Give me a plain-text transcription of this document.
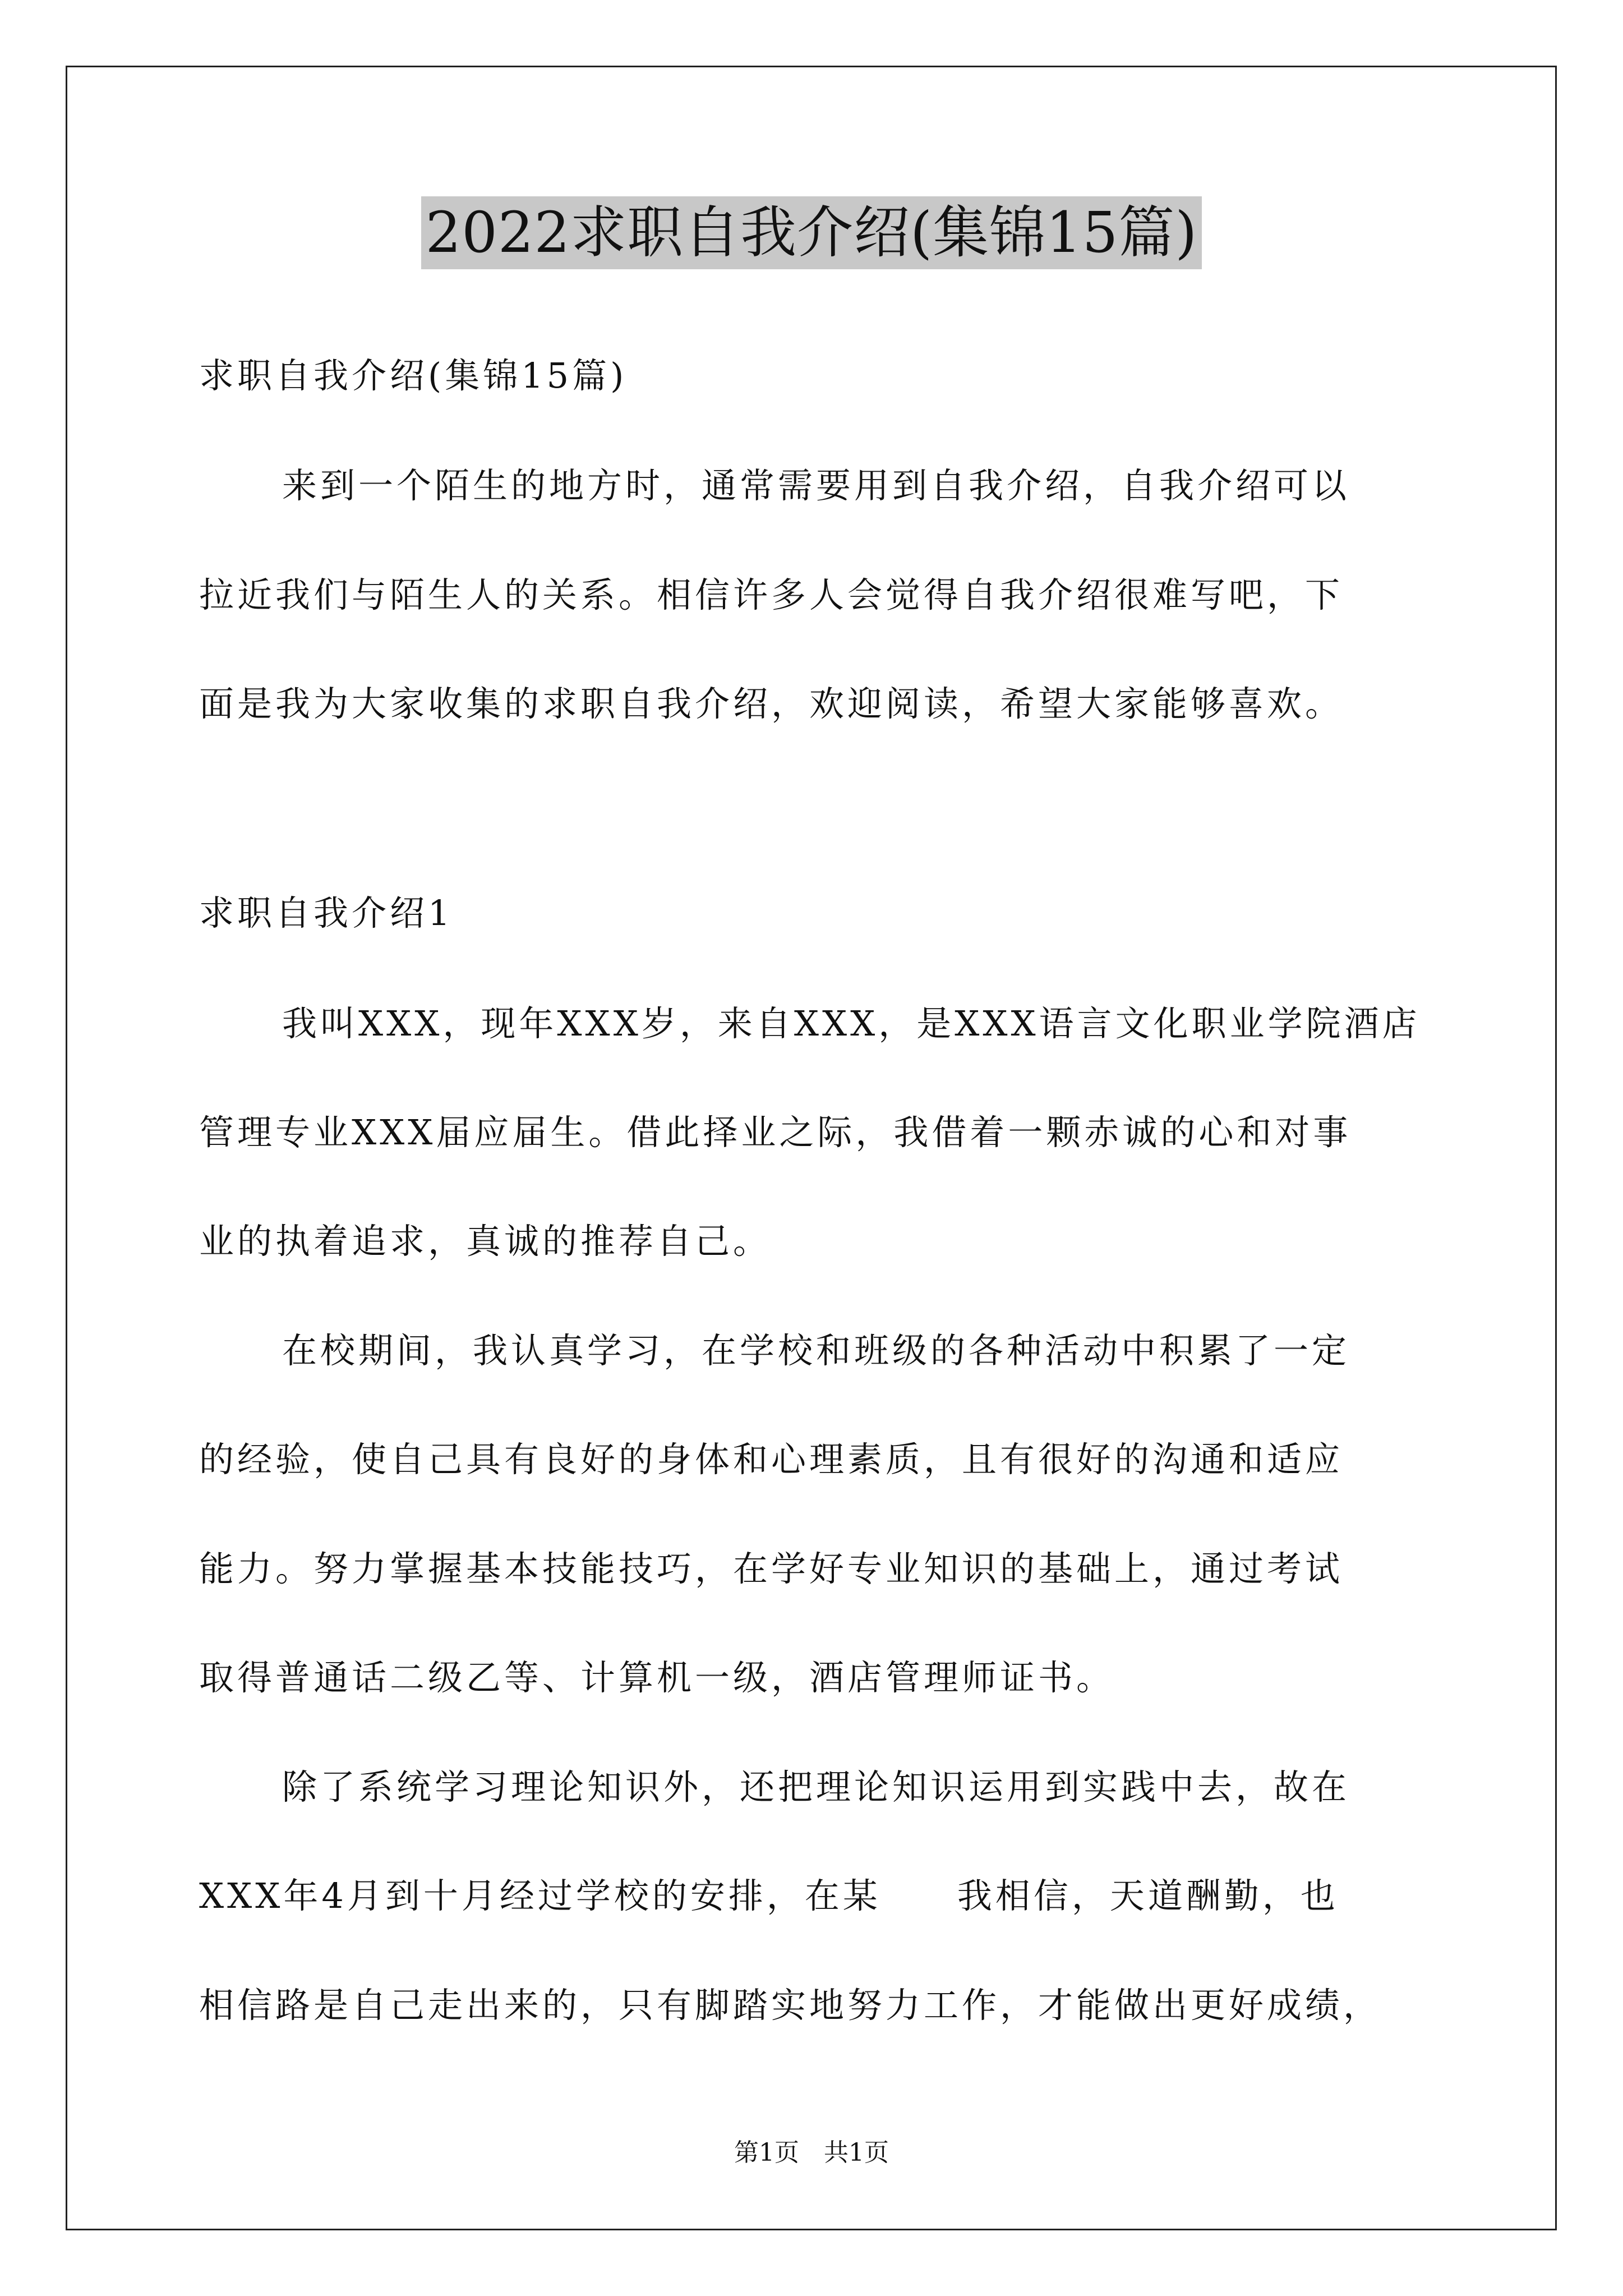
2022求职自我介绍(集锦15篇)
求职自我介绍(集锦15篇)
来到一个陌生的地方时，通常需要用到自我介绍，自我介绍可以
拉近我们与陌生人的关系。相信许多人会觉得自我介绍很难写吧，下
面是我为大家收集的求职自我介绍，欢迎阅读，希望大家能够喜欢。
求职自我介绍1
我叫XXX，现年XXX岁，来自XXX，是XXX语言文化职业学院酒店
管理专业XXX届应届生。借此择业之际，我借着一颗赤诚的心和对事
业的执着追求，真诚的推荐自己。
在校期间，我认真学习，在学校和班级的各种活动中积累了一定
的经验，使自己具有良好的身体和心理素质，且有很好的沟通和适应
能力。努力掌握基本技能技巧，在学好专业知识的基础上，通过考试
取得普通话二级乙等、计算机一级，酒店管理师证书。
除了系统学习理论知识外，还把理论知识运用到实践中去，故在
XXX年4月到十月经过学校的安排，在某　　我相信，天道酬勤，也
相信路是自己走出来的，只有脚踏实地努力工作，才能做出更好成绩，
第1页　共1页
